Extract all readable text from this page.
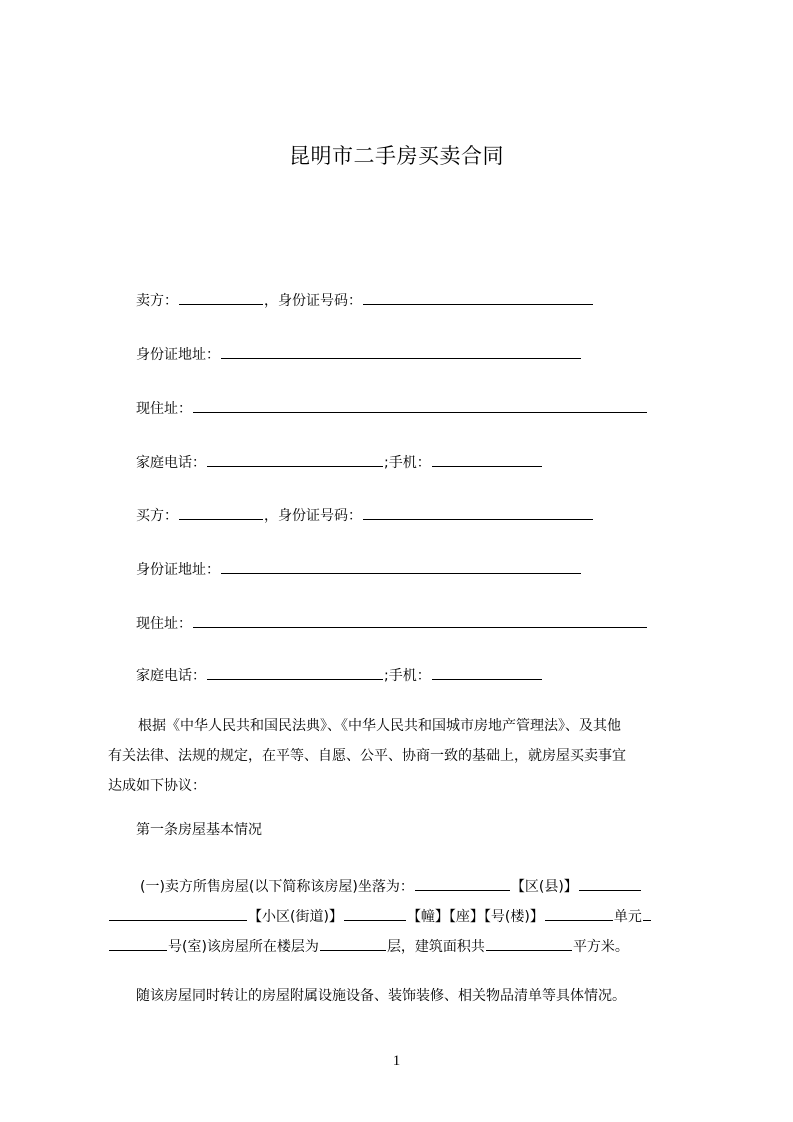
昆明市二手房买卖合同
卖方：	，身份证号码：
身份证地址：
现住址：
家庭电话：	;手机：
买方：	，身份证号码：
身份证地址：
现住址：
家庭电话：	;手机：

根据《中华人民共和国民法典》、《中华人民共和国城市房地产管理法》、及其他

有关法律、法规的规定，在平等、自愿、公平、协商一致的基础上，就房屋买卖事宜

达成如下协议：

第一条房屋基本情况

(一)卖方所售房屋(以下简称该房屋)坐落为：	【区(县)】

【小区(街道)】	【幢】【座】【号(楼)】	单元

号(室)该房屋所在楼层为	层，建筑面积共	平方米。

随该房屋同时转让的房屋附属设施设备、装饰装修、相关物品清单等具体情况。
1
